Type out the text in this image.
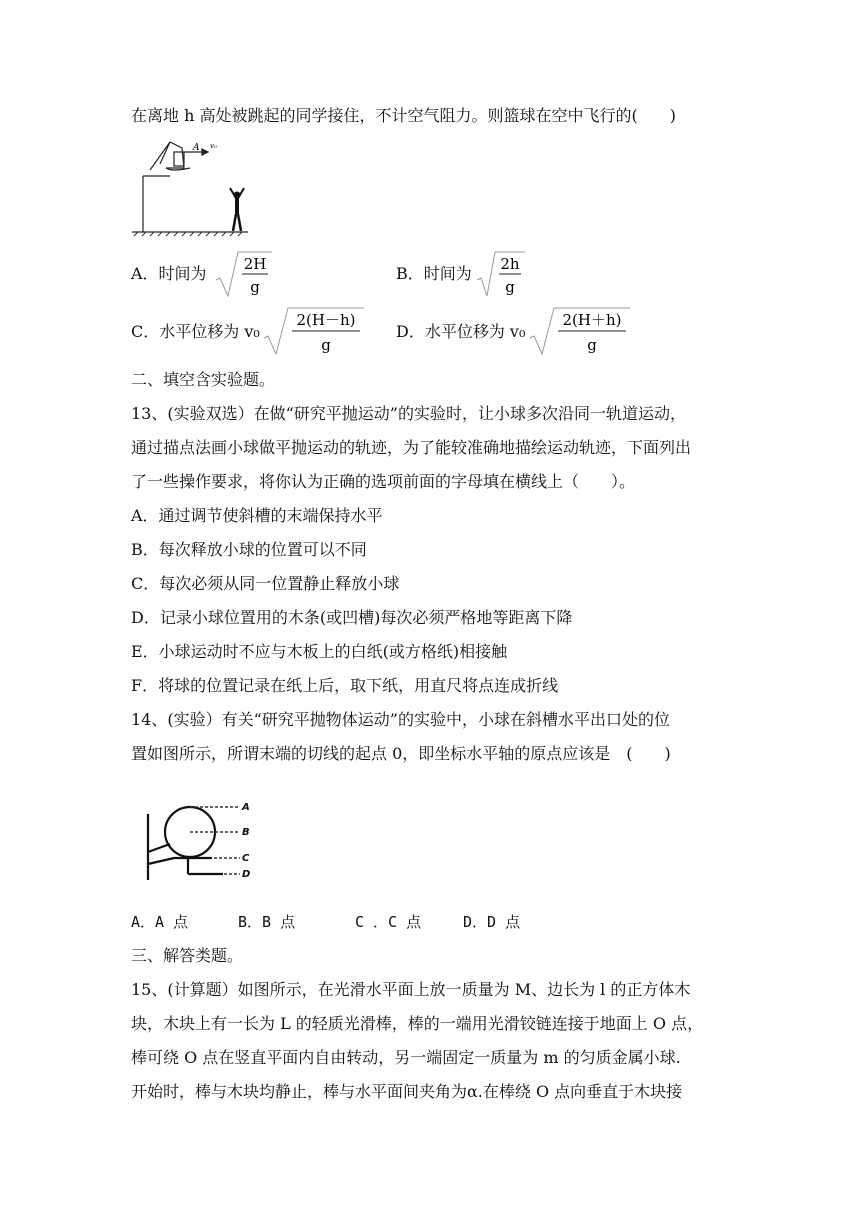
在离地 h 高处被跳起的同学接住，不计空气阻力。则篮球在空中飞行的(　　)
A v₀
A．时间为 2H
g
B．时间为 2h
g
C．水平位移为 v₀
2(H－h)
g
D．水平位移为 v₀
2(H＋h)
g
二、填空含实验题。
13、(实验双选）在做“研究平抛运动”的实验时，让小球多次沿同一轨道运动，
通过描点法画小球做平抛运动的轨迹，为了能较准确地描绘运动轨迹，下面列出
了一些操作要求，将你认为正确的选项前面的字母填在横线上（　　）。
A．通过调节使斜槽的末端保持水平
B．每次释放小球的位置可以不同
C．每次必须从同一位置静止释放小球
D．记录小球位置用的木条(或凹槽)每次必须严格地等距离下降
E．小球运动时不应与木板上的白纸(或方格纸)相接触
F．将球的位置记录在纸上后，取下纸，用直尺将点连成折线
14、(实验）有关“研究平抛物体运动”的实验中，小球在斜槽水平出口处的位
置如图所示，所谓末端的切线的起点 0，即坐标水平轴的原点应该是　(　　)
A
B
C
D
A．A 点	B．B 点	C ．C 点	D．D 点
三、解答类题。
15、(计算题）如图所示，在光滑水平面上放一质量为 M、边长为 l 的正方体木
块，木块上有一长为 L 的轻质光滑棒，棒的一端用光滑铰链连接于地面上 O 点，
棒可绕 O 点在竖直平面内自由转动，另一端固定一质量为 m 的匀质金属小球.
开始时，棒与木块均静止，棒与水平面间夹角为α.在棒绕 O 点向垂直于木块接
